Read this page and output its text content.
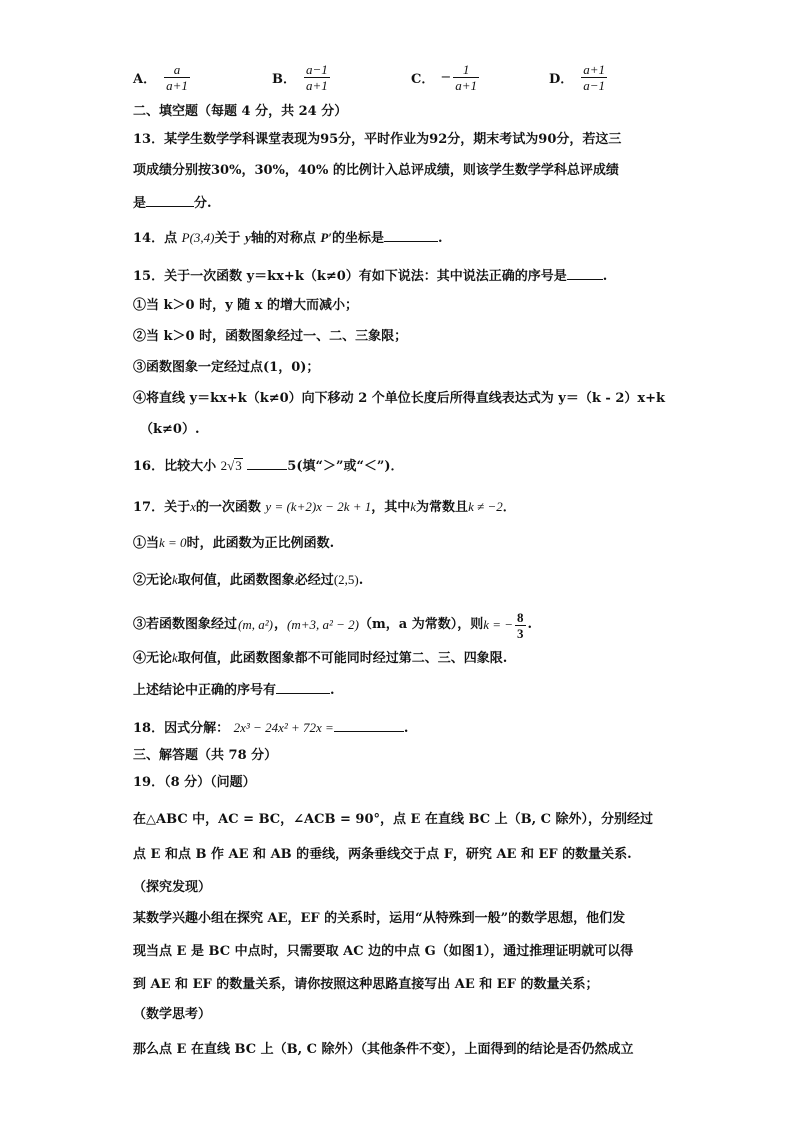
A． $\frac{a}{a+1}$	B． $\frac{a-1}{a+1}$	C． − $\frac{1}{a+1}$	D． $\frac{a+1}{a-1}$
二、填空题（每题 4 分，共 24 分）
13．某学生数学学科课堂表现为95分，平时作业为92分，期末考试为90分，若这三
项成绩分别按30%，30%，40% 的比例计入总评成绩，则该学生数学学科总评成绩
是	分.
14．点 P(3,4)关于 y轴的对称点 P′的坐标是	.
15．关于一次函数 y＝kx+k（k≠0）有如下说法：其中说法正确的序号是	.
①当 k＞0 时，y 随 x 的增大而减小；
②当 k＞0 时，函数图象经过一、二、三象限；
③函数图象一定经过点(1，0)；
④将直线 y＝kx+k（k≠0）向下移动 2 个单位长度后所得直线表达式为 y＝（k - 2）x+k
（k≠0）.
16．比较大小 2√3	5(填“＞”或“＜”)．
17．关于x的一次函数 y = (k+2)x − 2k + 1，其中k为常数且k ≠ −2．
①当k = 0时，此函数为正比例函数.
②无论k取何值，此函数图象必经过(2,5).
③若函数图象经过 (m, a²) ， (m+3, a² − 2) （m，a 为常数），则 k = − $\frac{8}{3}$ .
④无论k取何值，此函数图象都不可能同时经过第二、三、四象限.
上述结论中正确的序号有	.
18．因式分解： 2x³ − 24x² + 72x =	.
三、解答题（共 78 分）
19．（8 分）（问题）
在△ABC 中，AC = BC，∠ACB = 90°，点 E 在直线 BC 上（B, C 除外），分别经过
点 E 和点 B 作 AE 和 AB 的垂线，两条垂线交于点 F，研究 AE 和 EF 的数量关系.
（探究发现）
某数学兴趣小组在探究 AE，EF 的关系时，运用“从特殊到一般”的数学思想，他们发
现当点 E 是 BC 中点时，只需要取 AC 边的中点 G（如图1），通过推理证明就可以得
到 AE 和 EF 的数量关系，请你按照这种思路直接写出 AE 和 EF 的数量关系；
（数学思考）
那么点 E 在直线 BC 上（B, C 除外）（其他条件不变），上面得到的结论是否仍然成立
